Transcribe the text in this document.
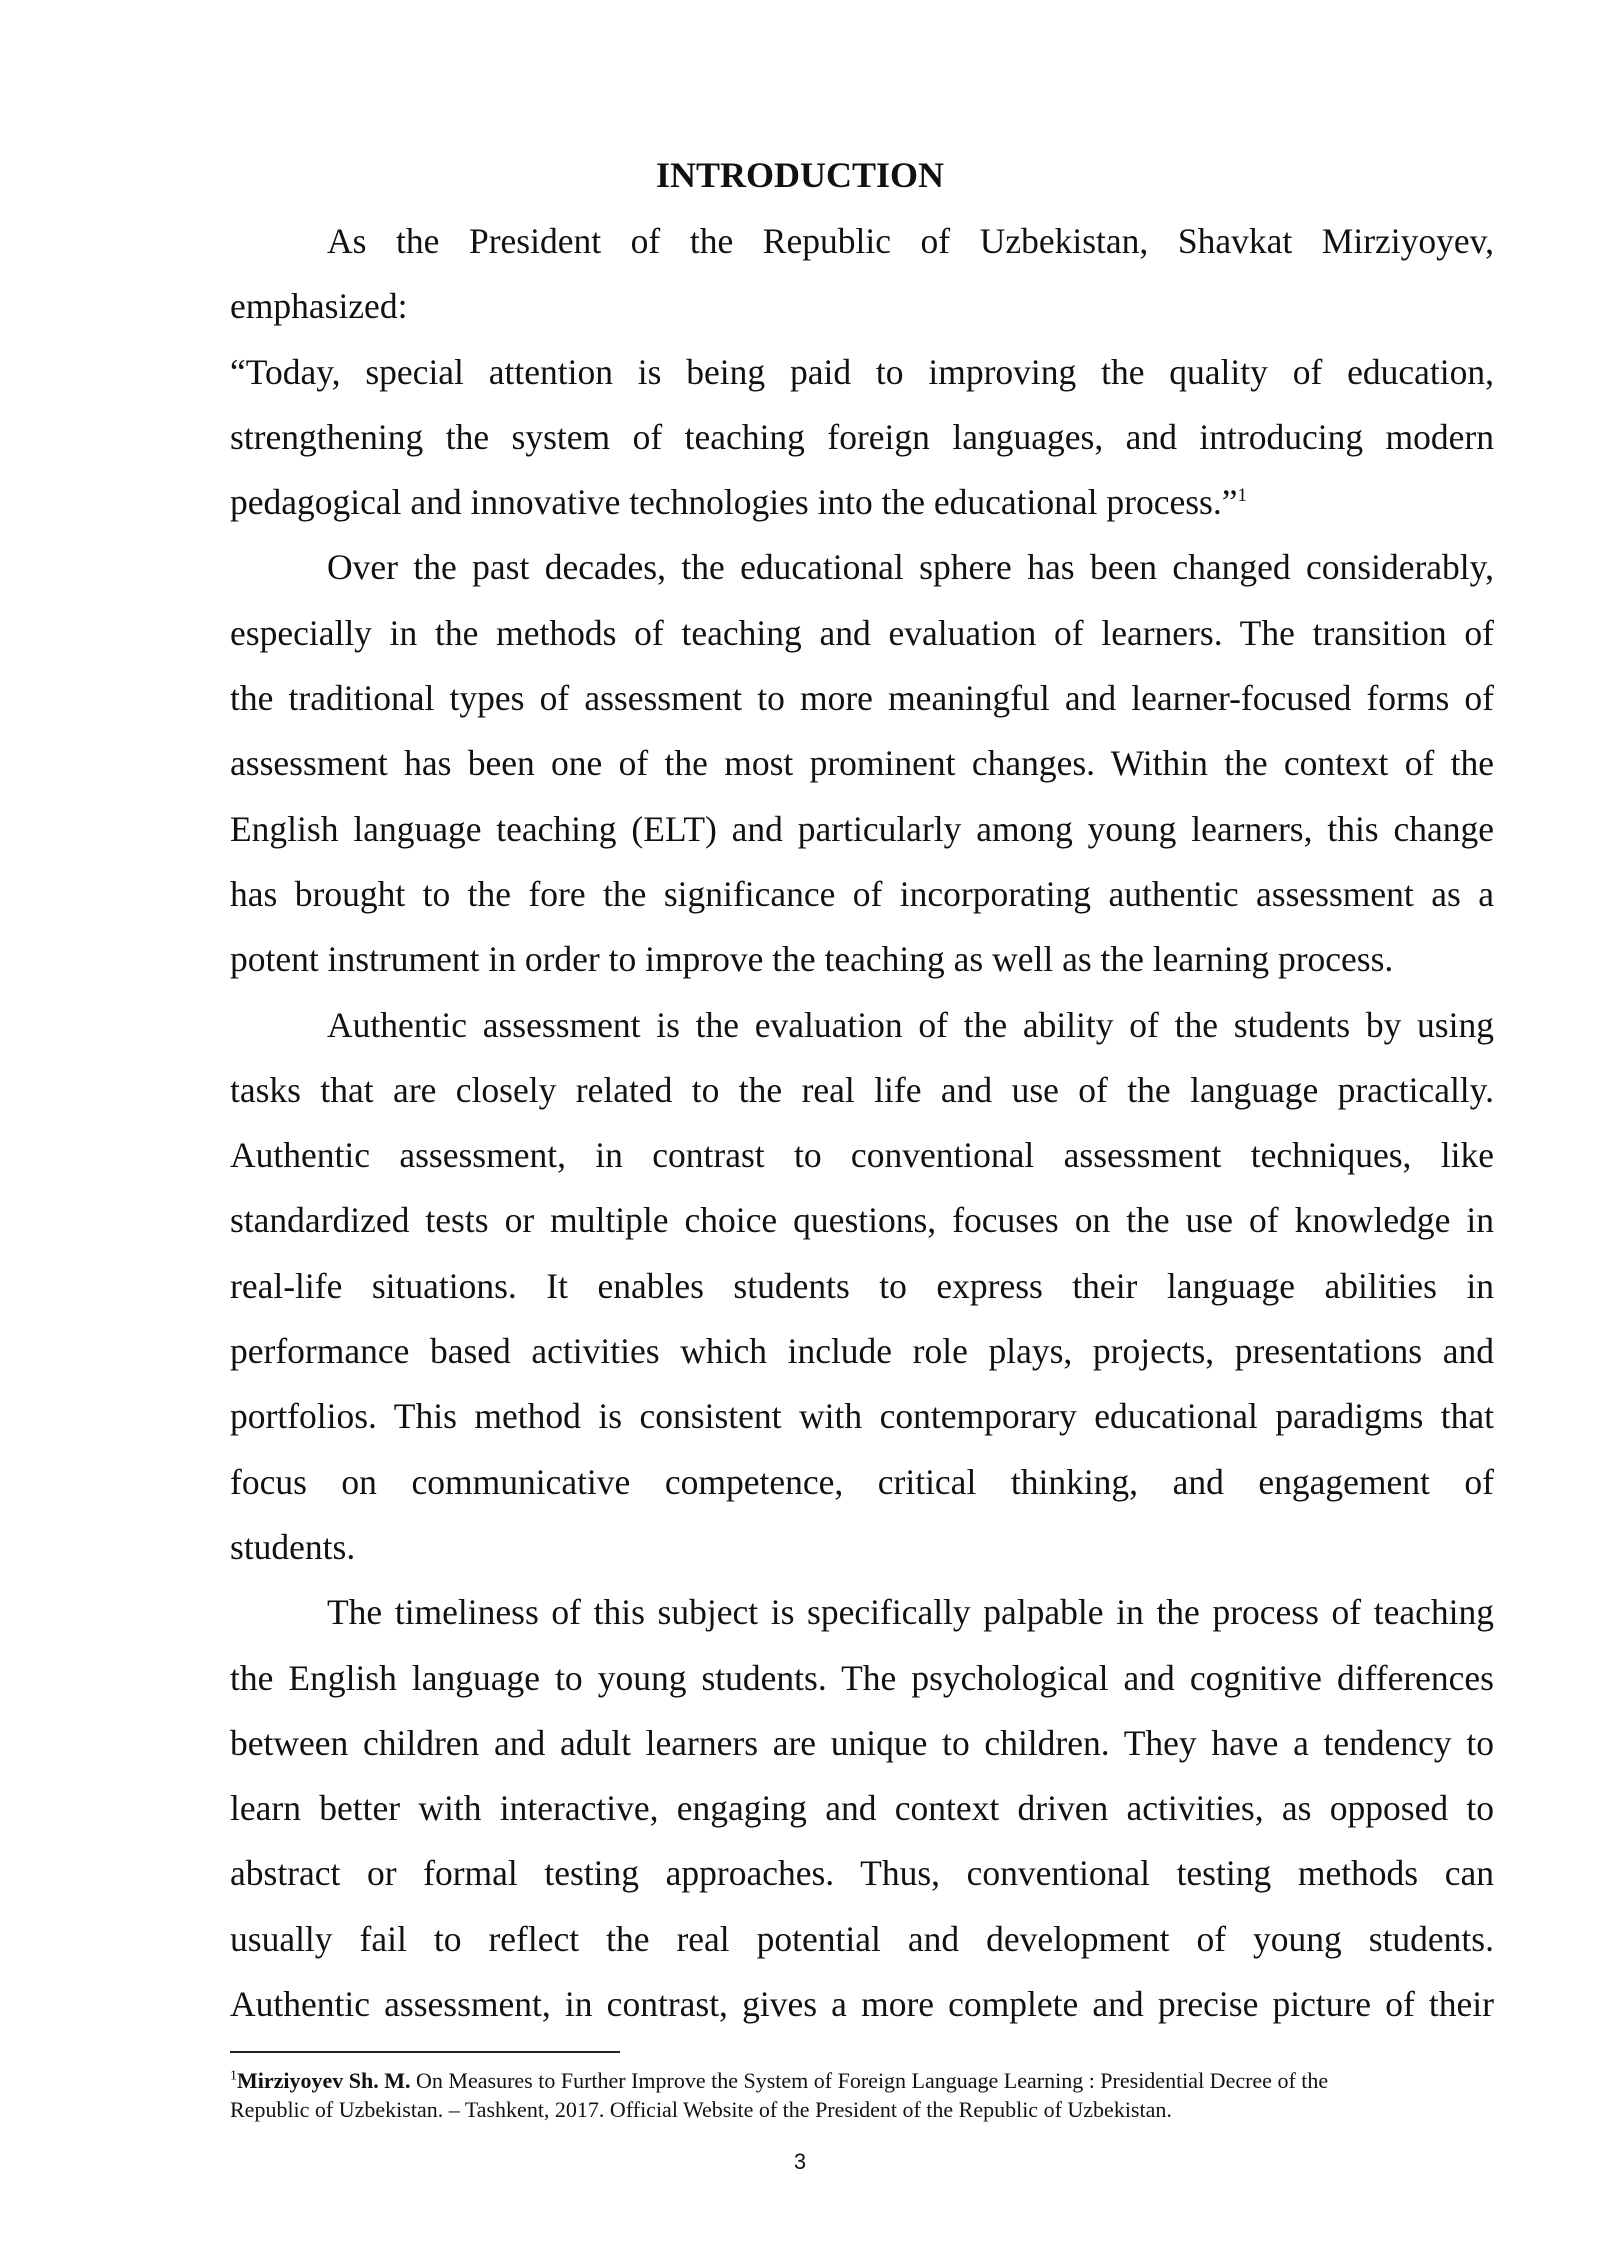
INTRODUCTION
As the President of the Republic of Uzbekistan, Shavkat Mirziyoyev,
emphasized:
“Today, special attention is being paid to improving the quality of education,
strengthening the system of teaching foreign languages, and introducing modern
pedagogical and innovative technologies into the educational process.”$^1$
Over the past decades, the educational sphere has been changed considerably,
especially in the methods of teaching and evaluation of learners. The transition of
the traditional types of assessment to more meaningful and learner-focused forms of
assessment has been one of the most prominent changes. Within the context of the
English language teaching (ELT) and particularly among young learners, this change
has brought to the fore the significance of incorporating authentic assessment as a
potent instrument in order to improve the teaching as well as the learning process.
Authentic assessment is the evaluation of the ability of the students by using
tasks that are closely related to the real life and use of the language practically.
Authentic assessment, in contrast to conventional assessment techniques, like
standardized tests or multiple choice questions, focuses on the use of knowledge in
real-life situations. It enables students to express their language abilities in
performance based activities which include role plays, projects, presentations and
portfolios. This method is consistent with contemporary educational paradigms that
focus on communicative competence, critical thinking, and engagement of
students.
The timeliness of this subject is specifically palpable in the process of teaching
the English language to young students. The psychological and cognitive differences
between children and adult learners are unique to children. They have a tendency to
learn better with interactive, engaging and context driven activities, as opposed to
abstract or formal testing approaches. Thus, conventional testing methods can
usually fail to reflect the real potential and development of young students.
Authentic assessment, in contrast, gives a more complete and precise picture of their
$^1$Mirziyoyev Sh. M. On Measures to Further Improve the System of Foreign Language Learning : Presidential Decree of the
Republic of Uzbekistan. – Tashkent, 2017. Official Website of the President of the Republic of Uzbekistan.
3
